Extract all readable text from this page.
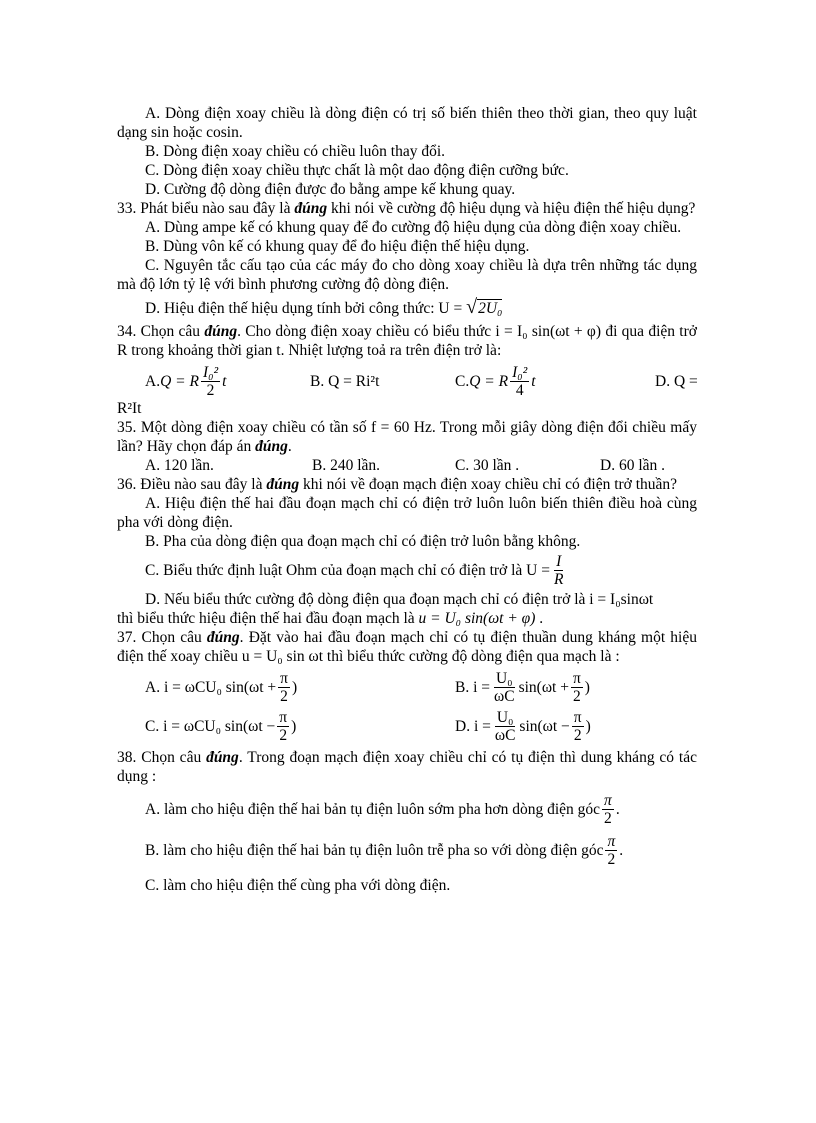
A. Dòng điện xoay chiều là dòng điện có trị số biến thiên theo thời gian, theo quy luật dạng sin hoặc cosin.

B. Dòng điện xoay chiều có chiều luôn thay đổi.

C. Dòng điện xoay chiều thực chất là một dao động điện cưỡng bức.

D. Cường độ dòng điện được đo bằng ampe kế khung quay.

33. Phát biểu nào sau đây là đúng khi nói về cường độ hiệu dụng và hiệu điện thế hiệu dụng?

A. Dùng ampe kế có khung quay để đo cường độ hiệu dụng của dòng điện xoay chiều.

B. Dùng vôn kế có khung quay để đo hiệu điện thế hiệu dụng.

C. Nguyên tắc cấu tạo của các máy đo cho dòng xoay chiều là dựa trên những tác dụng mà độ lớn tỷ lệ với bình phương cường độ dòng điện.

D. Hiệu điện thế hiệu dụng tính bởi công thức: U = √2U₀

34. Chọn câu đúng. Cho dòng điện xoay chiều có biểu thức i = I₀ sin(ωt + φ) đi qua điện trở R trong khoảng thời gian t. Nhiệt lượng toả ra trên điện trở là:

A. Q = R $\frac{\text{I₀²}}{2}$ t	B. Q = Ri²t	C. Q = R $\frac{\text{I₀²}}{4}$ t	D. Q =

R²It

35. Một dòng điện xoay chiều có tần số f = 60 Hz. Trong mỗi giây dòng điện đổi chiều mấy lần? Hãy chọn đáp án đúng.

A. 120 lần.	B. 240 lần.	C. 30 lần .	D. 60 lần .

36. Điều nào sau đây là đúng khi nói về đoạn mạch điện xoay chiều chỉ có điện trở thuần?

A. Hiệu điện thế hai đầu đoạn mạch chỉ có điện trở luôn luôn biến thiên điều hoà cùng pha với dòng điện.

B. Pha của dòng điện qua đoạn mạch chỉ có điện trở luôn bằng không.

C. Biểu thức định luật Ohm của đoạn mạch chỉ có điện trở là $U = \frac{I}{R}$

D. Nếu biểu thức cường độ dòng điện qua đoạn mạch chỉ có điện trở là i = I₀sinωt

thì biểu thức hiệu điện thế hai đầu đoạn mạch là u = U₀ sin(ωt + φ) .

37. Chọn câu đúng. Đặt vào hai đầu đoạn mạch chỉ có tụ điện thuần dung kháng một hiệu điện thế xoay chiều u = U₀ sin ωt thì biểu thức cường độ dòng điện qua mạch là :

A. i = ωCU₀ $\sin(\omega t + \frac{\pi}{2}$ )	B. $i = \frac{\text{U₀}}{\omega C} \sin(\omega t + \frac{\pi}{2}$ )
C. i = ωCU₀ $\sin(\omega t - \frac{\pi}{2}$ )	D. $i = \frac{\text{U₀}}{\omega C} \sin(\omega t - \frac{\pi}{2}$ )

38. Chọn câu đúng. Trong đoạn mạch điện xoay chiều chỉ có tụ điện thì dung kháng có tác dụng :

A. làm cho hiệu điện thế hai bản tụ điện luôn sớm pha hơn dòng điện góc $\frac{\pi}{2}$ .
B. làm cho hiệu điện thế hai bản tụ điện luôn trễ pha so với dòng điện góc $\frac{\pi}{2}$ .

C. làm cho hiệu điện thế cùng pha với dòng điện.
